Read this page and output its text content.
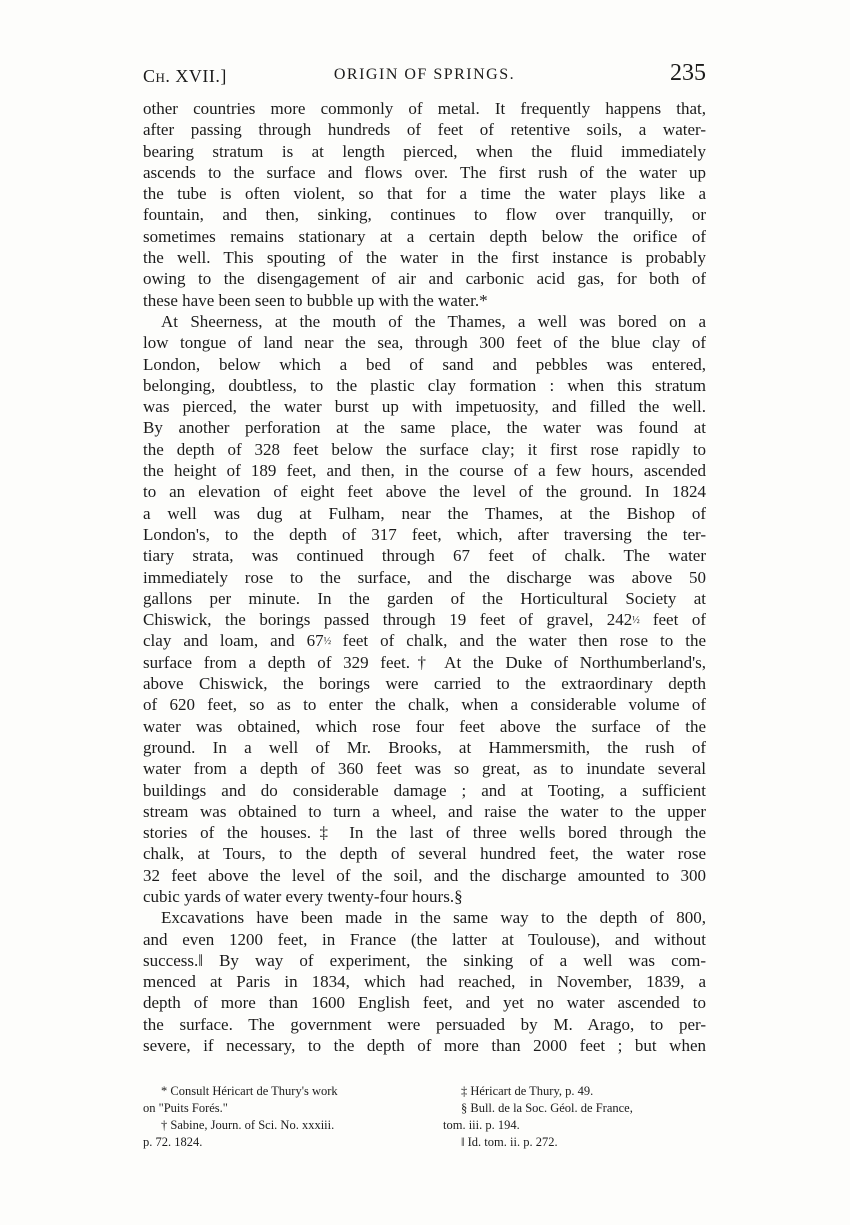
Ch. XVII.]	ORIGIN OF SPRINGS.	235
other countries more commonly of metal. It frequently happens that,
after passing through hundreds of feet of retentive soils, a water-
bearing stratum is at length pierced, when the fluid immediately
ascends to the surface and flows over. The first rush of the water up
the tube is often violent, so that for a time the water plays like a
fountain, and then, sinking, continues to flow over tranquilly, or
sometimes remains stationary at a certain depth below the orifice of
the well. This spouting of the water in the first instance is probably
owing to the disengagement of air and carbonic acid gas, for both of
these have been seen to bubble up with the water.*
At Sheerness, at the mouth of the Thames, a well was bored on a
low tongue of land near the sea, through 300 feet of the blue clay of
London, below which a bed of sand and pebbles was entered,
belonging, doubtless, to the plastic clay formation : when this stratum
was pierced, the water burst up with impetuosity, and filled the well.
By another perforation at the same place, the water was found at
the depth of 328 feet below the surface clay; it first rose rapidly to
the height of 189 feet, and then, in the course of a few hours, ascended
to an elevation of eight feet above the level of the ground. In 1824
a well was dug at Fulham, near the Thames, at the Bishop of
London's, to the depth of 317 feet, which, after traversing the ter-
tiary strata, was continued through 67 feet of chalk. The water
immediately rose to the surface, and the discharge was above 50
gallons per minute. In the garden of the Horticultural Society at
Chiswick, the borings passed through 19 feet of gravel, 242½ feet of
clay and loam, and 67½ feet of chalk, and the water then rose to the
surface from a depth of 329 feet.† At the Duke of Northumberland's,
above Chiswick, the borings were carried to the extraordinary depth
of 620 feet, so as to enter the chalk, when a considerable volume of
water was obtained, which rose four feet above the surface of the
ground. In a well of Mr. Brooks, at Hammersmith, the rush of
water from a depth of 360 feet was so great, as to inundate several
buildings and do considerable damage ; and at Tooting, a sufficient
stream was obtained to turn a wheel, and raise the water to the upper
stories of the houses.‡ In the last of three wells bored through the
chalk, at Tours, to the depth of several hundred feet, the water rose
32 feet above the level of the soil, and the discharge amounted to 300
cubic yards of water every twenty-four hours.§
Excavations have been made in the same way to the depth of 800,
and even 1200 feet, in France (the latter at Toulouse), and without
success.‖ By way of experiment, the sinking of a well was com-
menced at Paris in 1834, which had reached, in November, 1839, a
depth of more than 1600 English feet, and yet no water ascended to
the surface. The government were persuaded by M. Arago, to per-
severe, if necessary, to the depth of more than 2000 feet ; but when
* Consult Héricart de Thury's work
on "Puits Forés."
† Sabine, Journ. of Sci. No. xxxiii.
p. 72. 1824.
‡ Héricart de Thury, p. 49.
§ Bull. de la Soc. Géol. de France,
tom. iii. p. 194.
‖ Id. tom. ii. p. 272.
